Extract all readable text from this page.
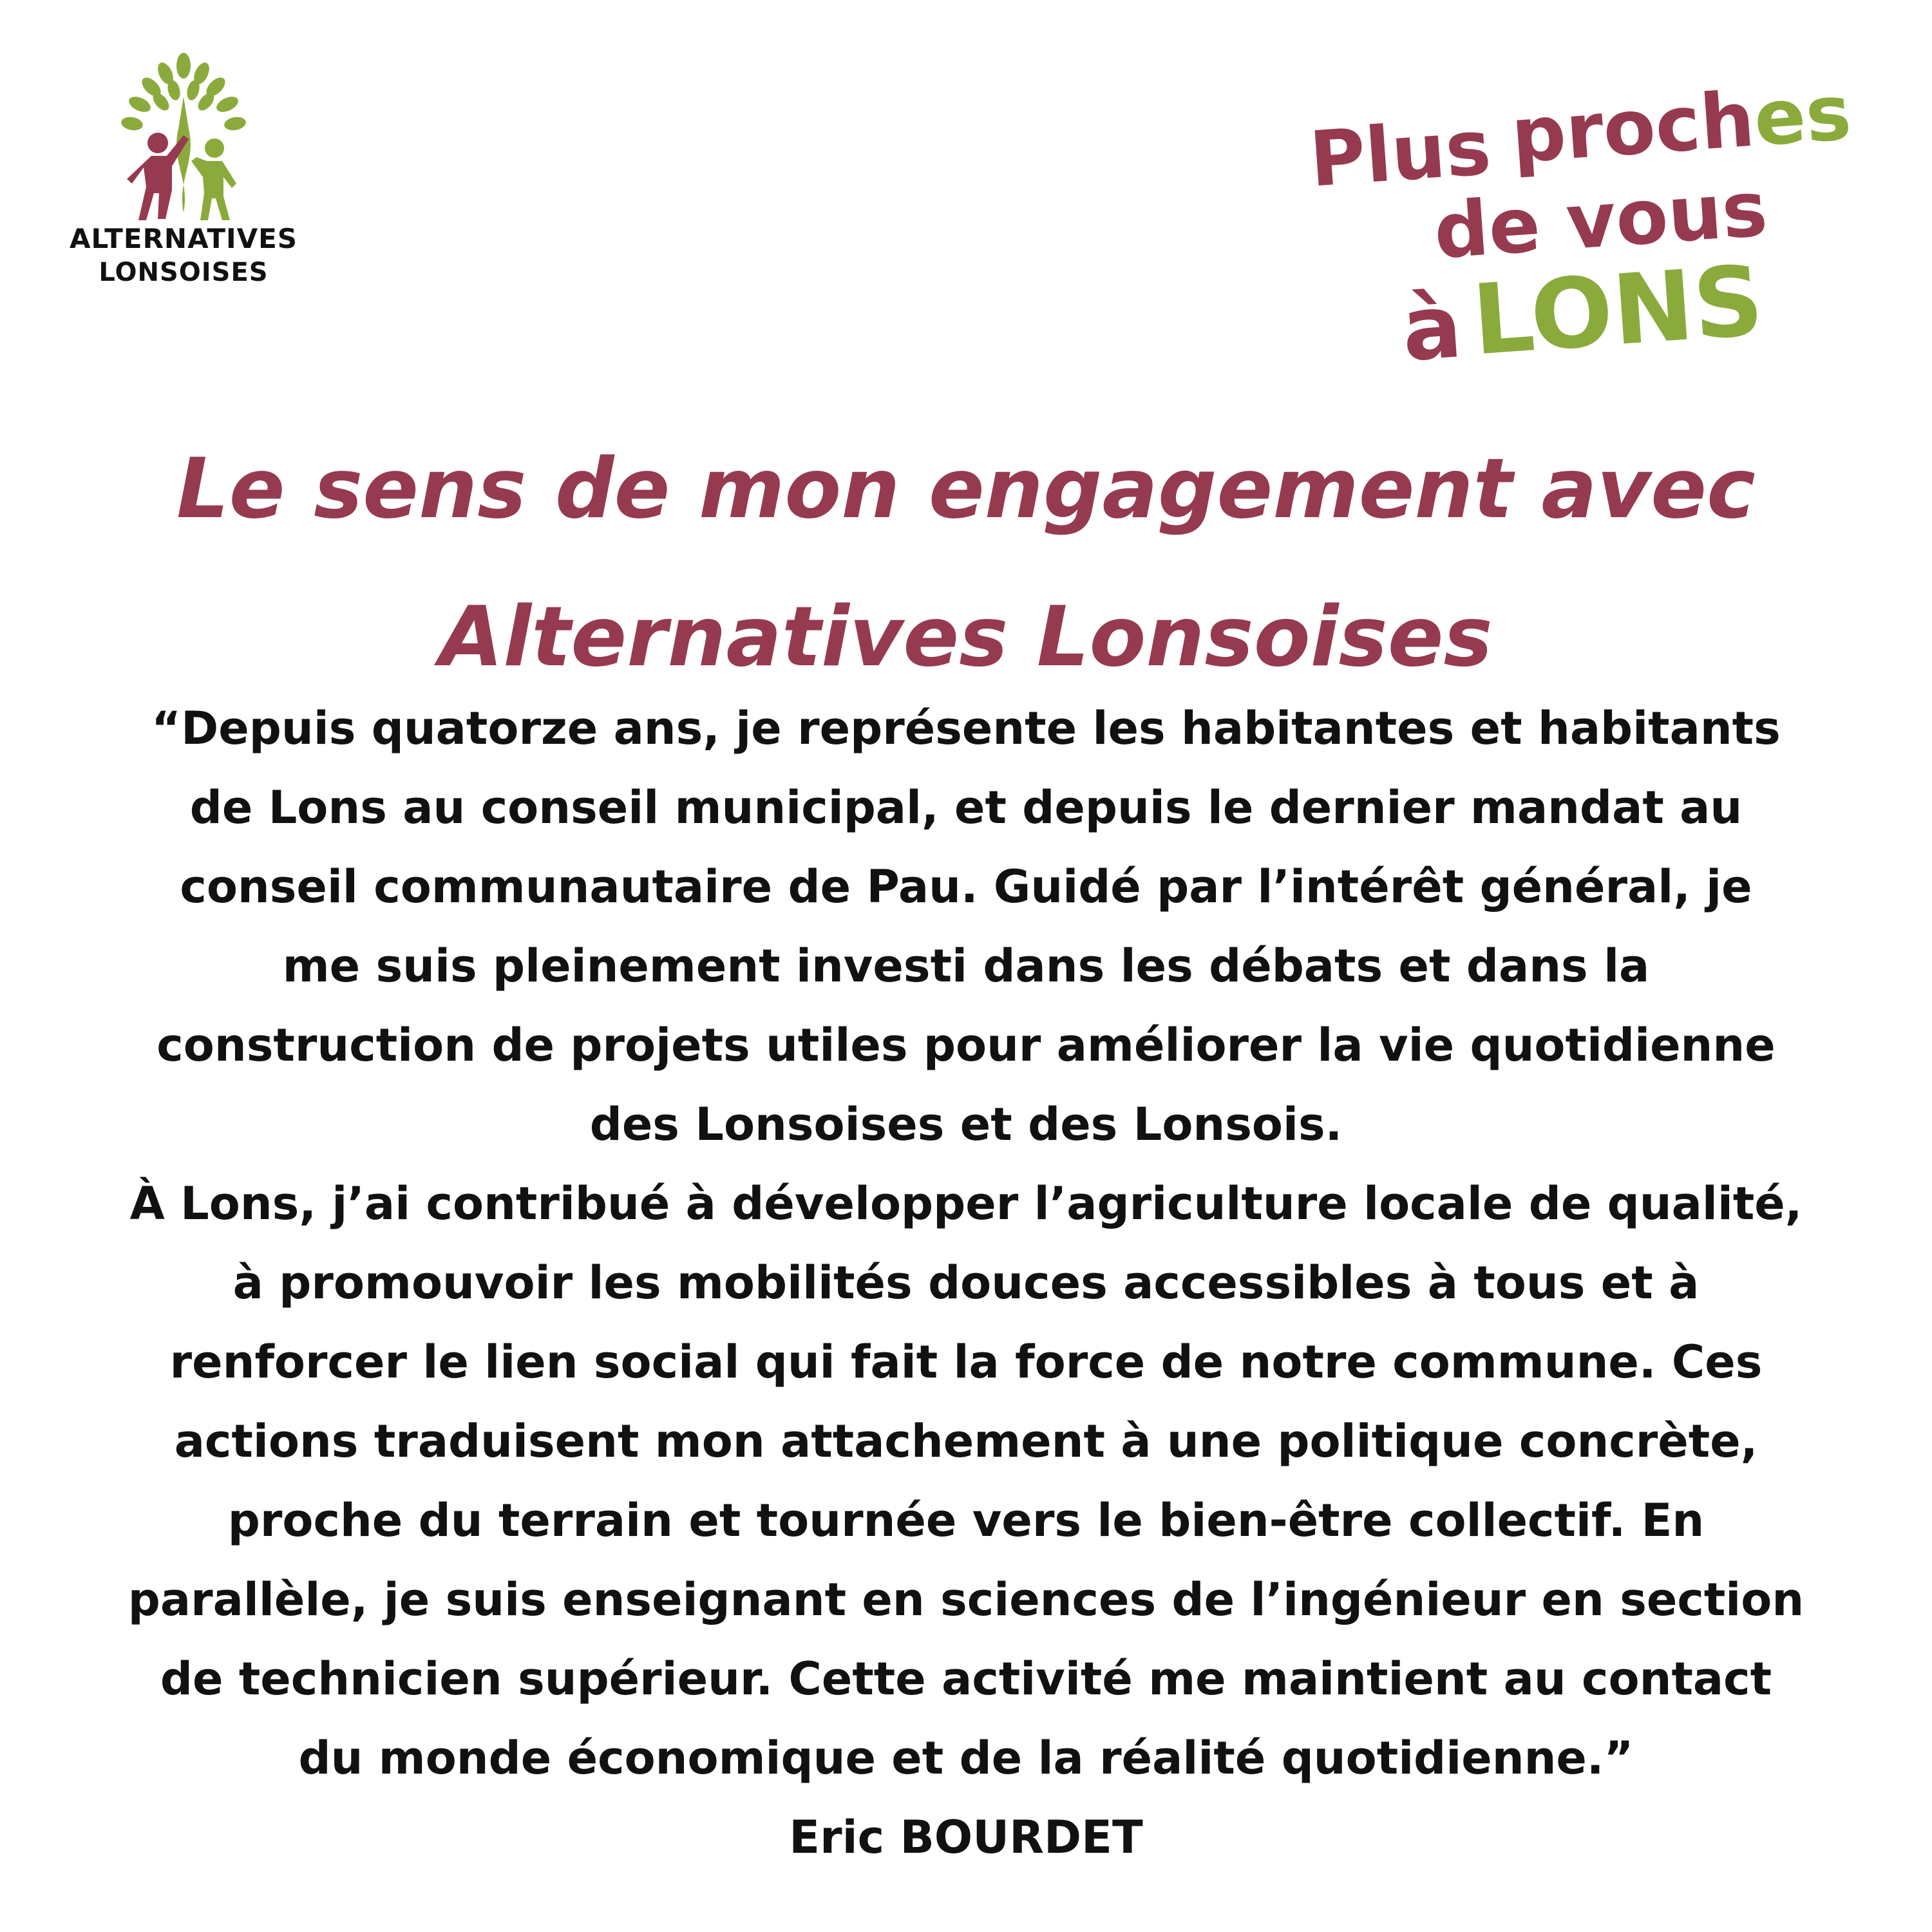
ALTERNATIVES
LONSOISES
Plus proches
de vous
à LONS
Le sens de mon engagement avec
Alternatives Lonsoises
“Depuis quatorze ans, je représente les habitantes et habitants
de Lons au conseil municipal, et depuis le dernier mandat au
conseil communautaire de Pau. Guidé par l’intérêt général, je
me suis pleinement investi dans les débats et dans la
construction de projets utiles pour améliorer la vie quotidienne
des Lonsoises et des Lonsois.
À Lons, j’ai contribué à développer l’agriculture locale de qualité,
à promouvoir les mobilités douces accessibles à tous et à
renforcer le lien social qui fait la force de notre commune. Ces
actions traduisent mon attachement à une politique concrète,
proche du terrain et tournée vers le bien-être collectif. En
parallèle, je suis enseignant en sciences de l’ingénieur en section
de technicien supérieur. Cette activité me maintient au contact
du monde économique et de la réalité quotidienne.”
Eric BOURDET
